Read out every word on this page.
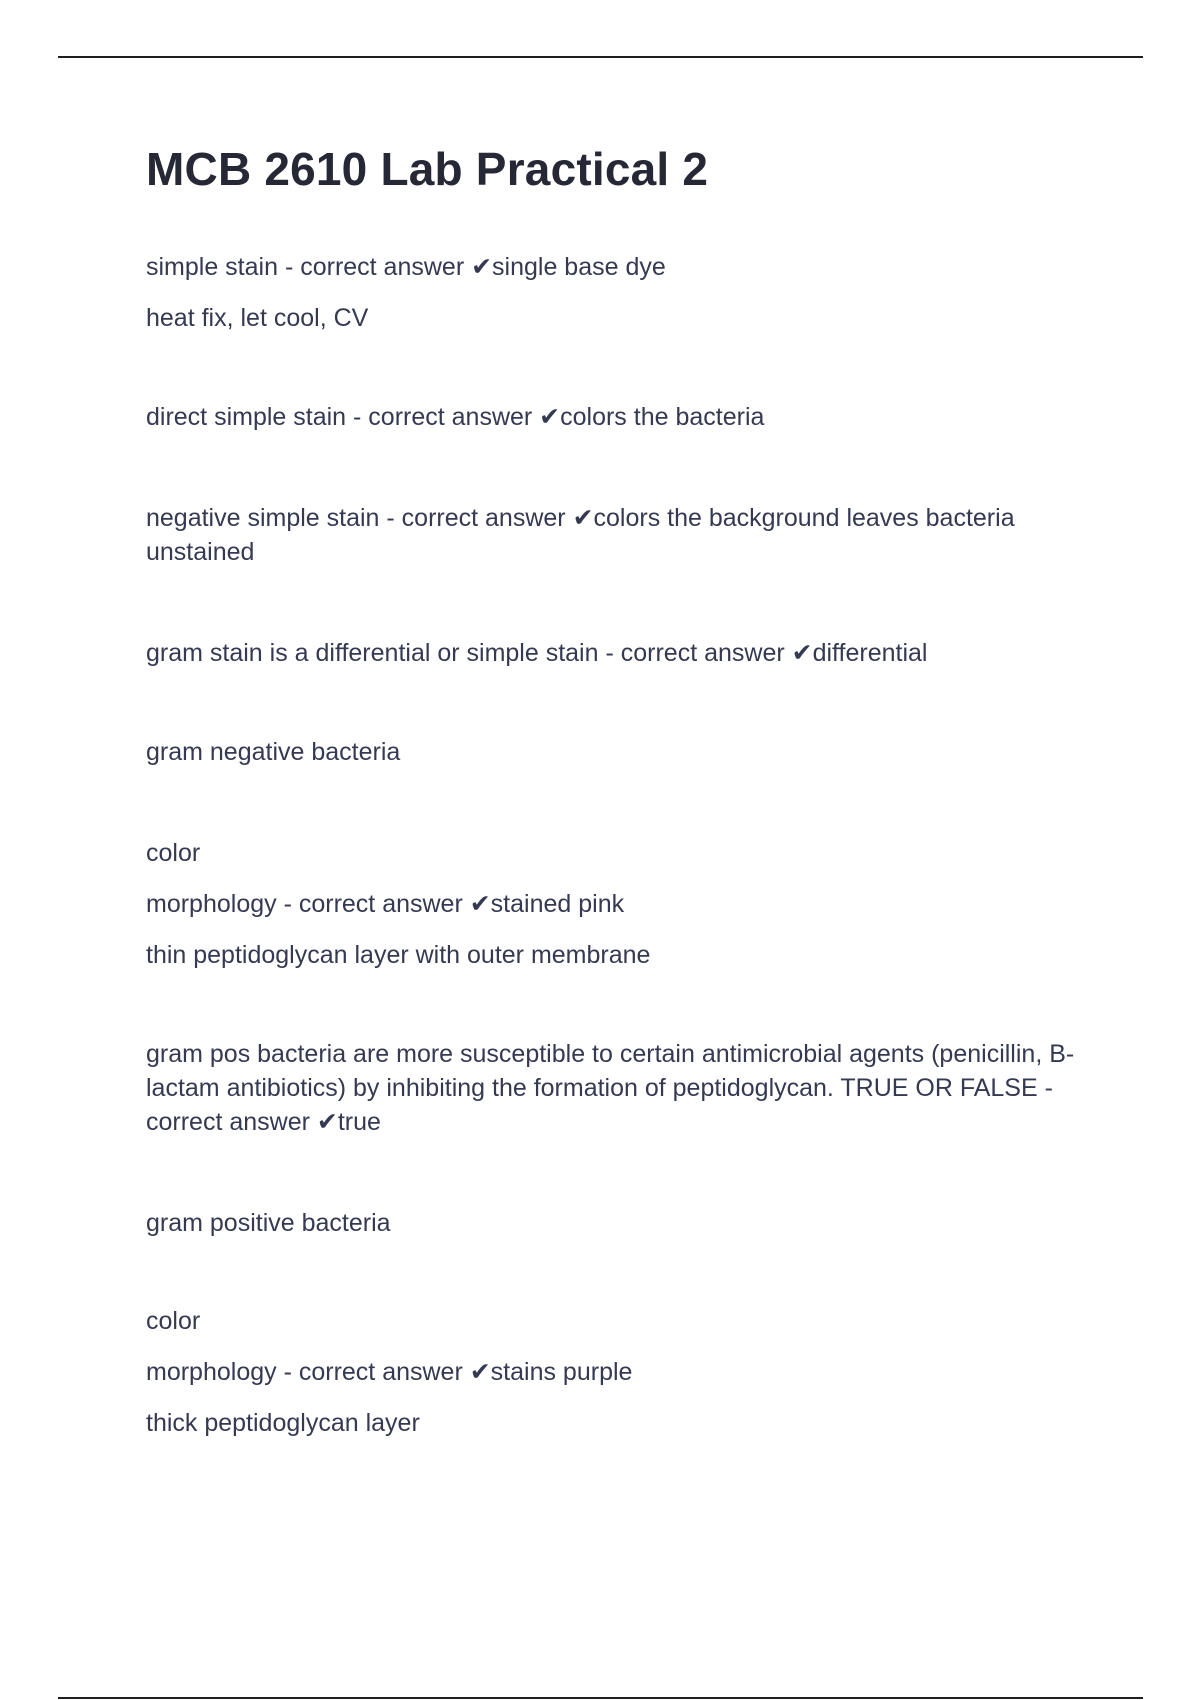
MCB 2610 Lab Practical 2
simple stain - correct answer ✔single base dye
heat fix, let cool, CV
direct simple stain - correct answer ✔colors the bacteria
negative simple stain - correct answer ✔colors the background leaves bacteria unstained
gram stain is a differential or simple stain - correct answer ✔differential
gram negative bacteria
color
morphology - correct answer ✔stained pink
thin peptidoglycan layer with outer membrane
gram pos bacteria are more susceptible to certain antimicrobial agents (penicillin, B-lactam antibiotics) by inhibiting the formation of peptidoglycan. TRUE OR FALSE - correct answer ✔true
gram positive bacteria
color
morphology - correct answer ✔stains purple
thick peptidoglycan layer
